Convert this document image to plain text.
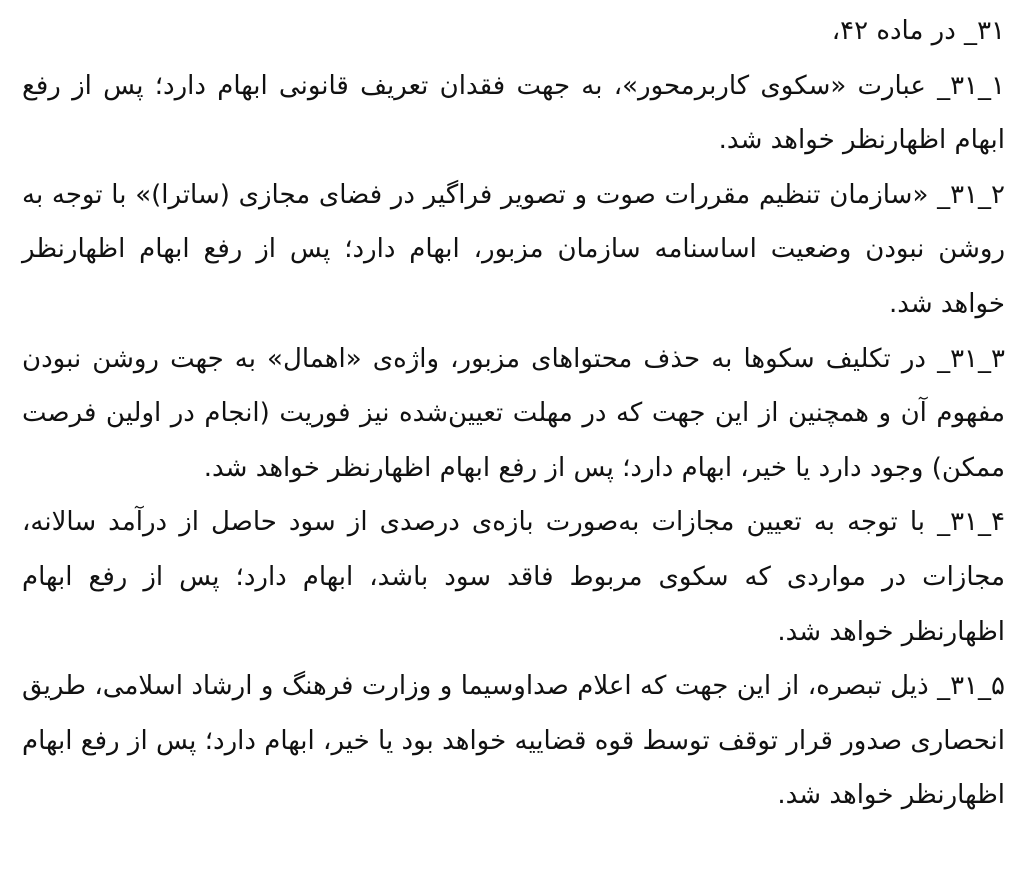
۳۱_ در ماده ۴۲،

۱_۳۱_ عبارت «سکوی کاربرمحور»، به جهت فقدان تعریف قانونی ابهام دارد؛ پس از رفع ابهام اظهارنظر خواهد شد.

۲_۳۱_ «سازمان تنظیم مقررات صوت و تصویر فراگیر در فضای مجازی (ساترا)» با توجه به روشن نبودن وضعیت اساسنامه سازمان مزبور، ابهام دارد؛ پس از رفع ابهام اظهارنظر خواهد شد.

۳_۳۱_ در تکلیف سکوها به حذف محتواهای مزبور، واژه‌ی «اهمال» به جهت روشن نبودن مفهوم آن و همچنین از این جهت که در مهلت تعیین‌شده نیز فوریت (انجام در اولین فرصت ممکن) وجود دارد یا خیر، ابهام دارد؛ پس از رفع ابهام اظهارنظر خواهد شد.

۴_۳۱_ با توجه به تعیین مجازات به‌صورت بازه‌ی درصدی از سود حاصل از درآمد سالانه، مجازات در مواردی که سکوی مربوط فاقد سود باشد، ابهام دارد؛ پس از رفع ابهام اظهارنظر خواهد شد.

۵_۳۱_ ذیل تبصره، از این جهت که اعلام صداوسیما و وزارت فرهنگ و ارشاد اسلامی، طریق انحصاری صدور قرار توقف توسط قوه قضاییه خواهد بود یا خیر، ابهام دارد؛ پس از رفع ابهام اظهارنظر خواهد شد.
